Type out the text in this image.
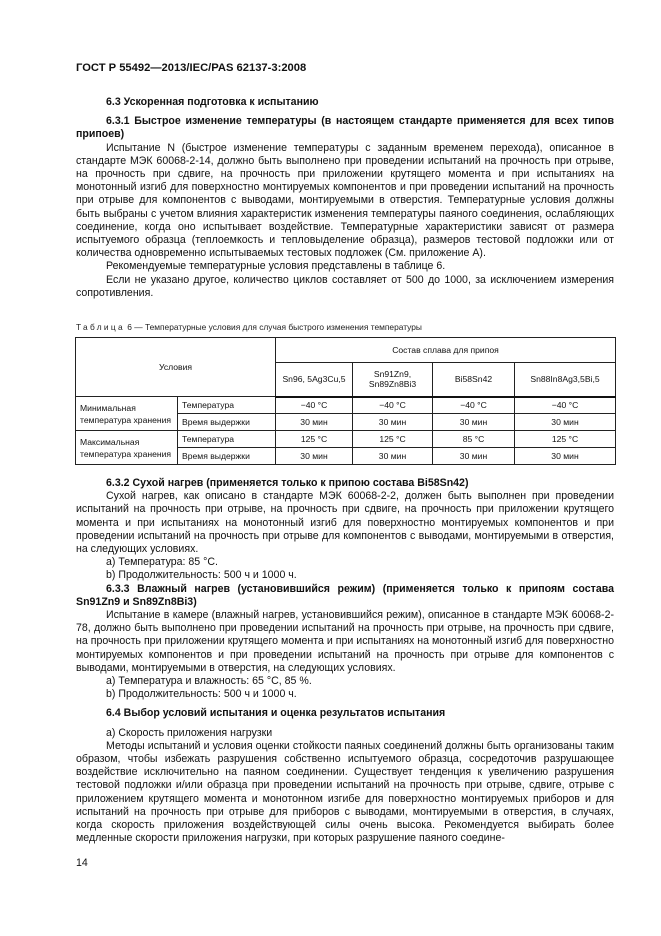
ГОСТ Р 55492—2013/IEC/PAS 62137-3:2008

6.3 Ускоренная подготовка к испытанию

6.3.1 Быстрое изменение температуры (в настоящем стандарте применяется для всех типов припоев)

Испытание N (быстрое изменение температуры с заданным временем перехода), описанное в стандарте МЭК 60068-2-14, должно быть выполнено при проведении испытаний на прочность при отрыве, на прочность при сдвиге, на прочность при приложении крутящего момента и при испытаниях на монотонный изгиб для поверхностно монтируемых компонентов и при проведении испытаний на прочность при отрыве для компонентов с выводами, монтируемыми в отверстия. Температурные условия должны быть выбраны с учетом влияния характеристик изменения температуры паяного соединения, ослабляющих соединение, когда оно испытывает воздействие. Температурные характеристики зависят от размера испытуемого образца (теплоемкость и тепловыделение образца), размеров тестовой подложки или от количества одновременно испытываемых тестовых подложек (См. приложение А).

Рекомендуемые температурные условия представлены в таблице 6.

Если не указано другое, количество циклов составляет от 500 до 1000, за исключением измерения сопротивления.

Таблица 6 — Температурные условия для случая быстрого изменения температуры
Условия		Состав сплава для припоя			
		Sn96, 5Ag3Cu,5	Sn91Zn9, Sn89Zn8Bi3	Bi58Sn42	Sn88In8Ag3,5Bi,5
Минимальная температура хранения	Температура	−40 °С	−40 °С	−40 °С	−40 °С
	Время выдержки	30 мин	30 мин	30 мин	30 мин
Максимальная температура хранения	Температура	125 °С	125 °С	85 °С	125 °С
	Время выдержки	30 мин	30 мин	30 мин	30 мин

6.3.2 Сухой нагрев (применяется только к припою состава Bi58Sn42)

Сухой нагрев, как описано в стандарте МЭК 60068-2-2, должен быть выполнен при проведении испытаний на прочность при отрыве, на прочность при сдвиге, на прочность при приложении крутящего момента и при испытаниях на монотонный изгиб для поверхностно монтируемых компонентов и при проведении испытаний на прочность при отрыве для компонентов с выводами, монтируемыми в отверстия, на следующих условиях.

a) Температура: 85 °С.

b) Продолжительность: 500 ч и 1000 ч.

6.3.3 Влажный нагрев (установившийся режим) (применяется только к припоям состава Sn91Zn9 и Sn89Zn8Bi3)

Испытание в камере (влажный нагрев, установившийся режим), описанное в стандарте МЭК 60068-2-78, должно быть выполнено при проведении испытаний на прочность при отрыве, на прочность при сдвиге, на прочность при приложении крутящего момента и при испытаниях на монотонный изгиб для поверхностно монтируемых компонентов и при проведении испытаний на прочность при отрыве для компонентов с выводами, монтируемыми в отверстия, на следующих условиях.

a) Температура и влажность: 65 °С, 85 %.

b) Продолжительность: 500 ч и 1000 ч.

6.4 Выбор условий испытания и оценка результатов испытания

a) Скорость приложения нагрузки

Методы испытаний и условия оценки стойкости паяных соединений должны быть организованы таким образом, чтобы избежать разрушения собственно испытуемого образца, сосредоточив разрушающее воздействие исключительно на паяном соединении. Существует тенденция к увеличению разрушения тестовой подложки и/или образца при проведении испытаний на прочность при отрыве, сдвиге, отрыве с приложением крутящего момента и монотонном изгибе для поверхностно монтируемых приборов и для испытаний на прочность при отрыве для приборов с выводами, монтируемыми в отверстия, в случаях, когда скорость приложения воздействующей силы очень высока. Рекомендуется выбирать более медленные скорости приложения нагрузки, при которых разрушение паяного соедине-

14
